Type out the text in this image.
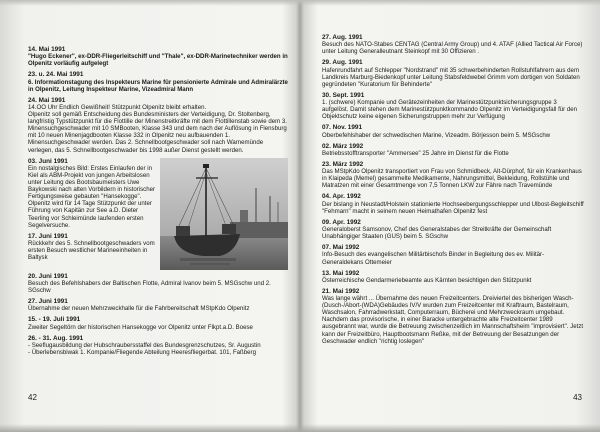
14. Mai 1991
"Hugo Eckener", ex-DDR-Fliegerleitschiff und "Thale", ex-DDR-Marinetechniker werden in Olpenitz vorläufig aufgelegt
23. u. 24. Mai 1991
6. Informationstagung des Inspekteurs Marine für pensionierte Admirale und Admiralärzte in Olpenitz, Leitung Inspekteur Marine, Vizeadmiral Mann
24. Mai 1991
14.OO Uhr Endlich Gewißheit! Stützpunkt Olpenitz bleibt erhalten.
Olpenitz soll gemäß Entscheidung des Bundesministers der Verteidigung, Dr. Stoltenberg, langfristig Typstützpunkt für die Flottille der Minenstreitkräfte mit dem Flottillenstab sowie dem 3. Minensuchgeschwader mit 10 SMBooten, Klasse 343 und dem nach der Auflösung in Flensburg mit 10 neuen Minenjagdbooten Klasse 332 in Olpenitz neu aufbauenden 1. Minensuchgeschwader werden. Das 2. Schnellbootgeschwader soll nach Warnemünde verlegen, das 5. Schnellbootgeschwader bis 1998 außer Dienst gestellt werden.
03. Juni 1991
Ein nostalgisches Bild: Erstes Einlaufen der in Kiel als ABM-Projekt von jungen Arbeitslosen unter Leitung des Bootsbaumeisters Uwe Baykowski nach alten Vorbildern in historischer Fertigungsweise gebauten "Hansekogge". Olpenitz wird für 14 Tage Stützpunkt der unter Führung von Kapitän zur See a.D. Dieter Teerling vor Schleimünde laufenden ersten Segelversuche.
17. Juni 1991
Rückkehr des 5. Schnellbootgeschwaders vom ersten Besuch westlicher Marineeinheiten in Baltysk
20. Juni 1991
Besuch des Befehlshabers der Baltischen Flotte, Admiral Ivanov beim 5. MSGschw und 2. SGschw
27. Juni 1991
Übernahme der neuen Mehrzweckhalle für die Fahrbereitschaft MStpKdo Olpenitz
15. - 19. Juli 1991
Zweiter Segeltörn der historischen Hansekogge vor Olpenitz unter Flkpt.a.D. Boese
26. - 31. Aug. 1991
- Seeflugausbildung der Hubschraubersstaffel des Bundesgrenzschutzes, Sr. Augustin
- Überlebensbiwak 1. Kompanie/Fliegende Abteilung Heeresfliegerbat. 101, Faßberg
42
27. Aug. 1991
Besuch des NATO-Stabes CENTAG (Central Army Group) und 4. ATAF (Allied Tactical Air Force) unter Leitung Generalleutnant Steinkopf mit 30 Offizieren .
29. Aug. 1991
Hafenrundfahrt auf Schlepper "Nordstrand" mit 35 schwerbehinderten Rollstuhlfahrern aus dem Landkreis Marburg-Biedenkopf unter Leitung Stabsfeldwebel Grimm vom dortigen von Soldaten gegründeten "Kuratorium für Behinderte"
30. Sept. 1991
1. (schwere) Kompanie und Gerätezeinheiten der Marinestützpunktsicherungsgruppe 3 aufgelöst. Damit stehen dem Marinestützpunktkommando Olpenitz im Verteidigungsfall für den Objektschutz keine eigenen Sicherungstruppen mehr zur Verfügung
07. Nov. 1991
Oberbefehlshaber der schwedischen Marine, Vizeadm. Börjesson beim 5. MSGschw
02. März 1992
Betriebsstofftransporter "Ammersee" 25 Jahre im Dienst für die Flotte
23. März 1992
Das MStpKdo Olpenitz transportiert von Frau von Schmidbeck, Alt-Dürphof, für ein Krankenhaus in Klaipeda (Memel) gesammelte Medikamente, Nahrungsmittel, Bekleidung, Rollstühle und Matratzen mit einer Gesamtmenge von 7,5 Tonnen LKW zur Fähre nach Travemünde
04. Apr. 1992
Der bislang in Neustadt/Holstein stationierte Hochseebergungsschlepper und Ulbost-Begleitschiff "Fehmarn" macht in seinem neuen Heimathafen Olpenitz fest
09. Apr. 1992
Generaloberst Samsonov, Chef des Generalstabes der Streitkräfte der Gemeinschaft Unabhängiger Staaten (GUS) beim 5. SGschw
07. Mai 1992
Info-Besuch des evangelischen Militärbischofs Binder in Begleitung des ev. Militär-Generaldekans Ottemeier
13. Mai 1992
Österreichische Gendarmeriebeamte aus Kärnten besichtigen den Stützpunkt
21. Mai 1992
Was lange währt ... Übernahme des neuen Freizeitcenters. Dreiviertel des bisherigen Wasch-(Dusch-/Abort-(WDA)Gebäudes IV/V wurden zum Freizeitcenter mit Kraftraum, Bastelraum, Waschsalon, Fahrradwerkstatt, Computerraum, Bücherei und Mehrzweckraum umgebaut. Nachdem das provisorische, in einer Baracke untergebrachte alte Freizeitcenter 1989 ausgebrannt war, wurde die Betreuung zwischenzeitlich im Mannschaftsheim "improvisiert". Jetzt kann der Freizeitbüro, Hauptbootsmann Reßke, mit der Betreuung der Besatzungen der Geschwader endlich "richtig loslegen"
43
